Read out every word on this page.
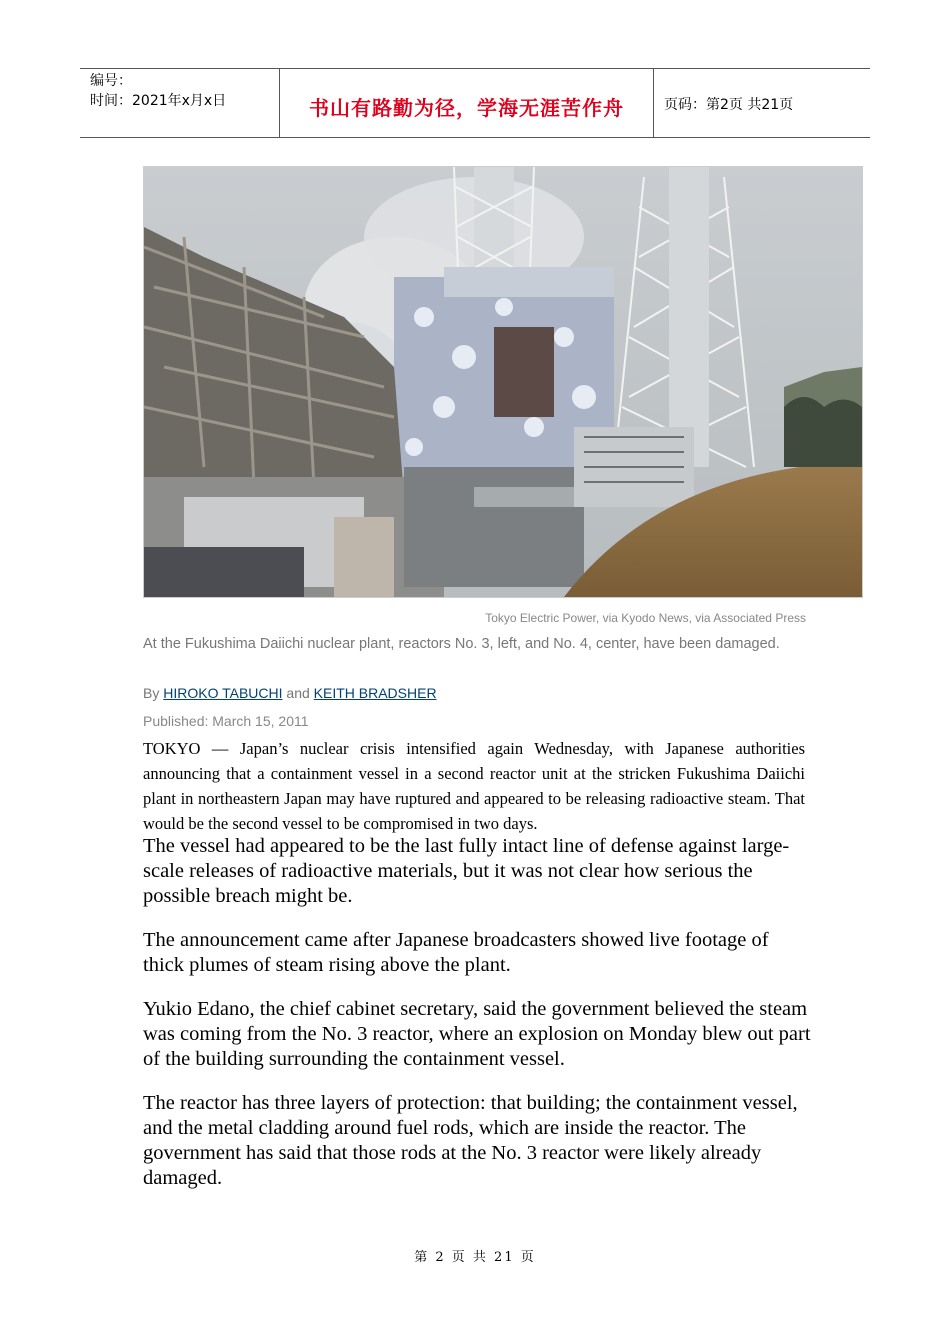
编号：
时间：2021年x月x日	书山有路勤为径，学海无涯苦作舟	页码：第2页 共21页
Tokyo Electric Power, via Kyodo News, via Associated Press
At the Fukushima Daiichi nuclear plant, reactors No. 3, left, and No. 4, center, have been damaged.
By HIROKO TABUCHI and KEITH BRADSHER
Published: March 15, 2011
TOKYO — Japan’s nuclear crisis intensified again Wednesday, with Japanese authorities announcing that a containment vessel in a second reactor unit at the stricken Fukushima Daiichi plant in northeastern Japan may have ruptured and appeared to be releasing radioactive steam. That would be the second vessel to be compromised in two days.

The vessel had appeared to be the last fully intact line of defense against large-scale releases of radioactive materials, but it was not clear how serious the possible breach might be.

The announcement came after Japanese broadcasters showed live footage of thick plumes of steam rising above the plant.

Yukio Edano, the chief cabinet secretary, said the government believed the steam was coming from the No. 3 reactor, where an explosion on Monday blew out part of the building surrounding the containment vessel.

The reactor has three layers of protection: that building; the containment vessel, and the metal cladding around fuel rods, which are inside the reactor. The government has said that those rods at the No. 3 reactor were likely already damaged.

第 2 页 共 21 页
